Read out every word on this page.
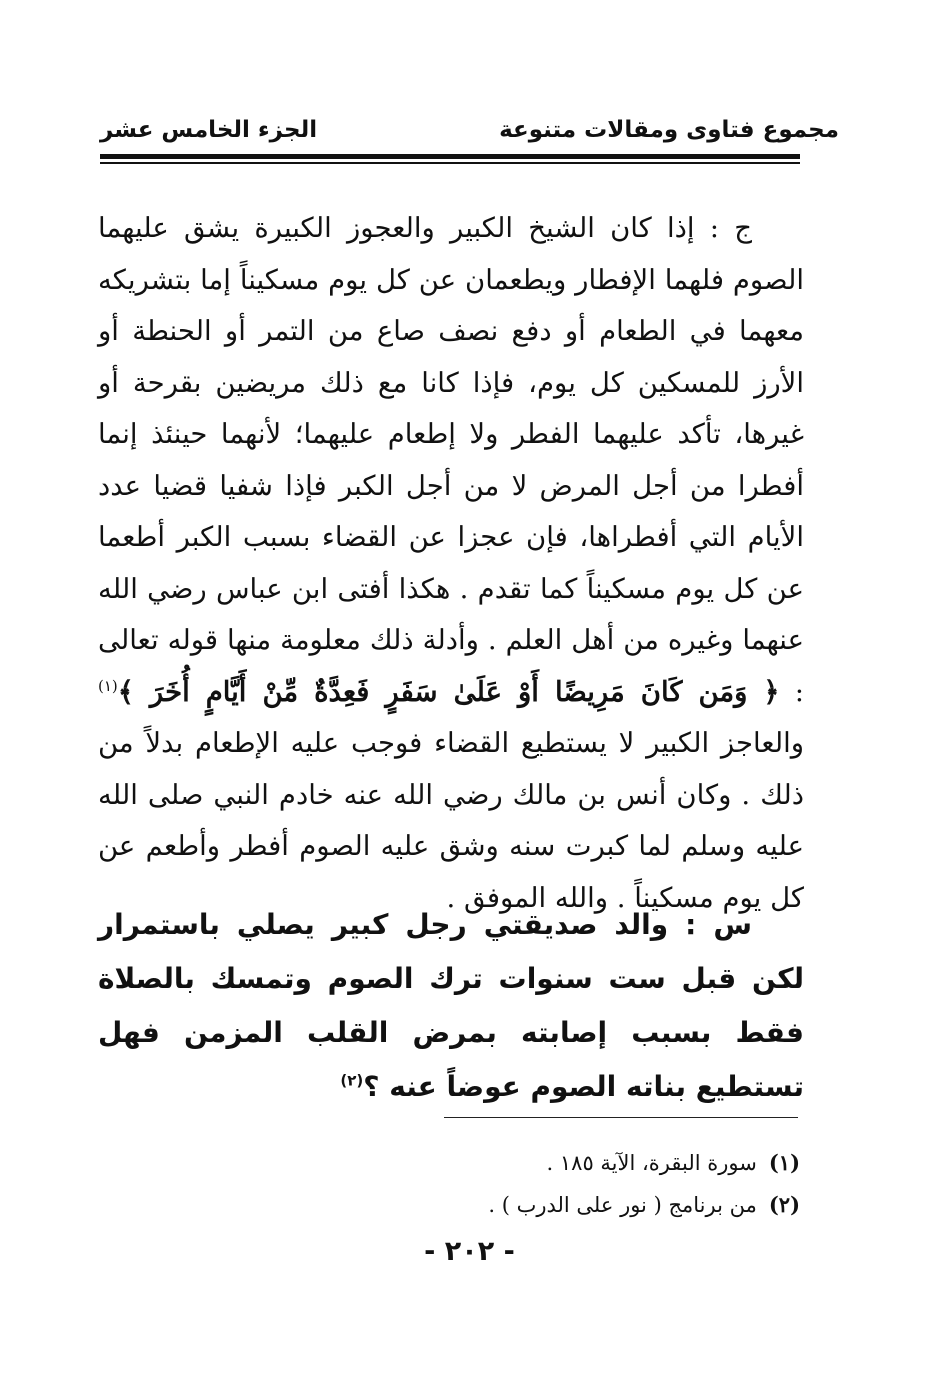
مجموع فتاوى ومقالات متنوعة
الجزء الخامس عشر

ج : إذا كان الشيخ الكبير والعجوز الكبيرة يشق عليهما الصوم فلهما الإفطار ويطعمان عن كل يوم مسكيناً إما بتشريكه معهما في الطعام أو دفع نصف صاع من التمر أو الحنطة أو الأرز للمسكين كل يوم، فإذا كانا مع ذلك مريضين بقرحة أو غيرها، تأكد عليهما الفطر ولا إطعام عليهما؛ لأنهما حينئذ إنما أفطرا من أجل المرض لا من أجل الكبر فإذا شفيا قضيا عدد الأيام التي أفطراها، فإن عجزا عن القضاء بسبب الكبر أطعما عن كل يوم مسكيناً كما تقدم . هكذا أفتى ابن عباس رضي الله عنهما وغيره من أهل العلم . وأدلة ذلك معلومة منها قوله تعالى : ﴿ وَمَن كَانَ مَرِيضًا أَوْ عَلَىٰ سَفَرٍ فَعِدَّةٌ مِّنْ أَيَّامٍ أُخَرَ ﴾$^{(١)}$ والعاجز الكبير لا يستطيع القضاء فوجب عليه الإطعام بدلاً من ذلك . وكان أنس بن مالك رضي الله عنه خادم النبي صلى الله عليه وسلم لما كبرت سنه وشق عليه الصوم أفطر وأطعم عن كل يوم مسكيناً . والله الموفق .

س : والد صديقتي رجل كبير يصلي باستمرار لكن قبل ست سنوات ترك الصوم وتمسك بالصلاة فقط بسبب إصابته بمرض القلب المزمن فهل تستطيع بناته الصوم عوضاً عنه ؟$^{(٢)}$

(١)
سورة البقرة، الآية ١٨٥ .
(٢)
من برنامج ( نور على الدرب ) .
- ٢٠٢ -
